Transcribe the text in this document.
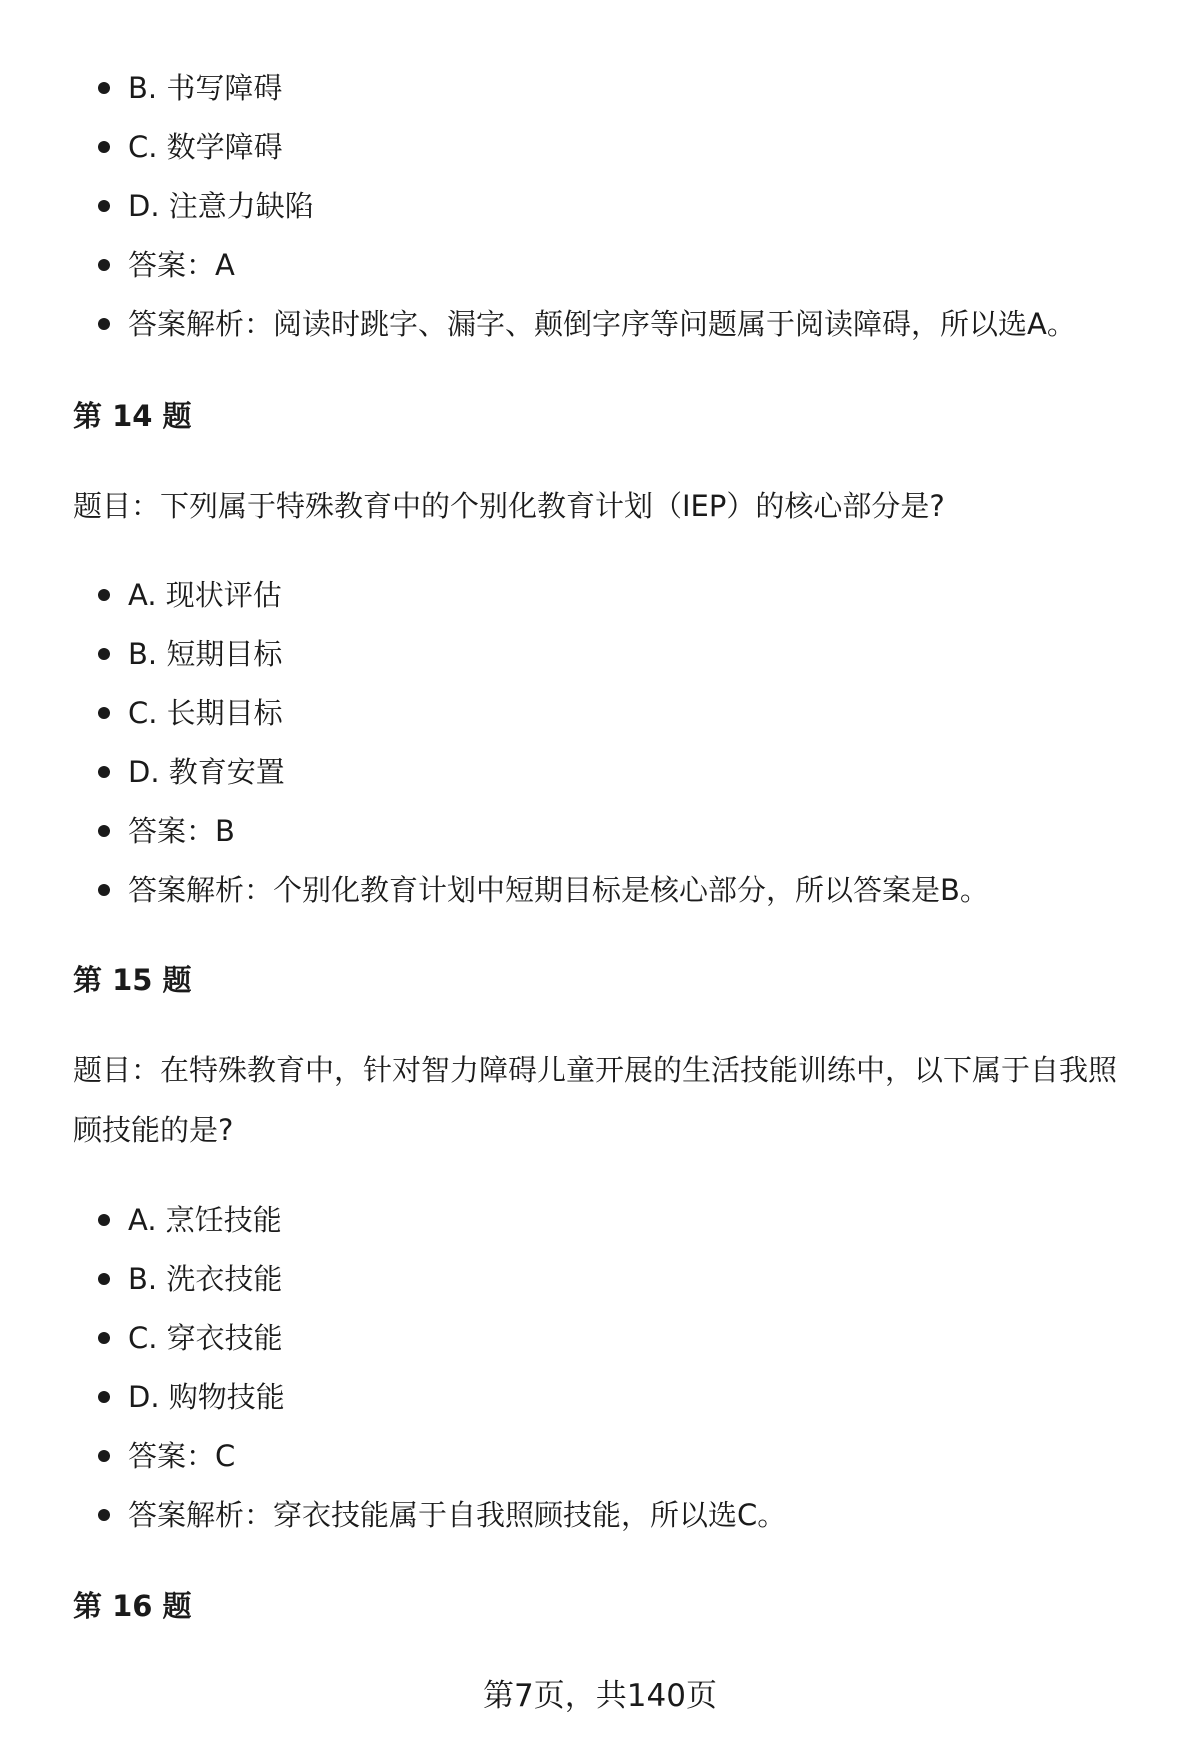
B. 书写障碍
C. 数学障碍
D. 注意力缺陷
答案：A
答案解析：阅读时跳字、漏字、颠倒字序等问题属于阅读障碍，所以选A。
第 14 题
题目：下列属于特殊教育中的个别化教育计划（IEP）的核心部分是?
A. 现状评估
B. 短期目标
C. 长期目标
D. 教育安置
答案：B
答案解析：个别化教育计划中短期目标是核心部分，所以答案是B。
第 15 题
题目：在特殊教育中，针对智力障碍儿童开展的生活技能训练中，以下属于自我照
顾技能的是?
A. 烹饪技能
B. 洗衣技能
C. 穿衣技能
D. 购物技能
答案：C
答案解析：穿衣技能属于自我照顾技能，所以选C。
第 16 题
第7页，共140页
